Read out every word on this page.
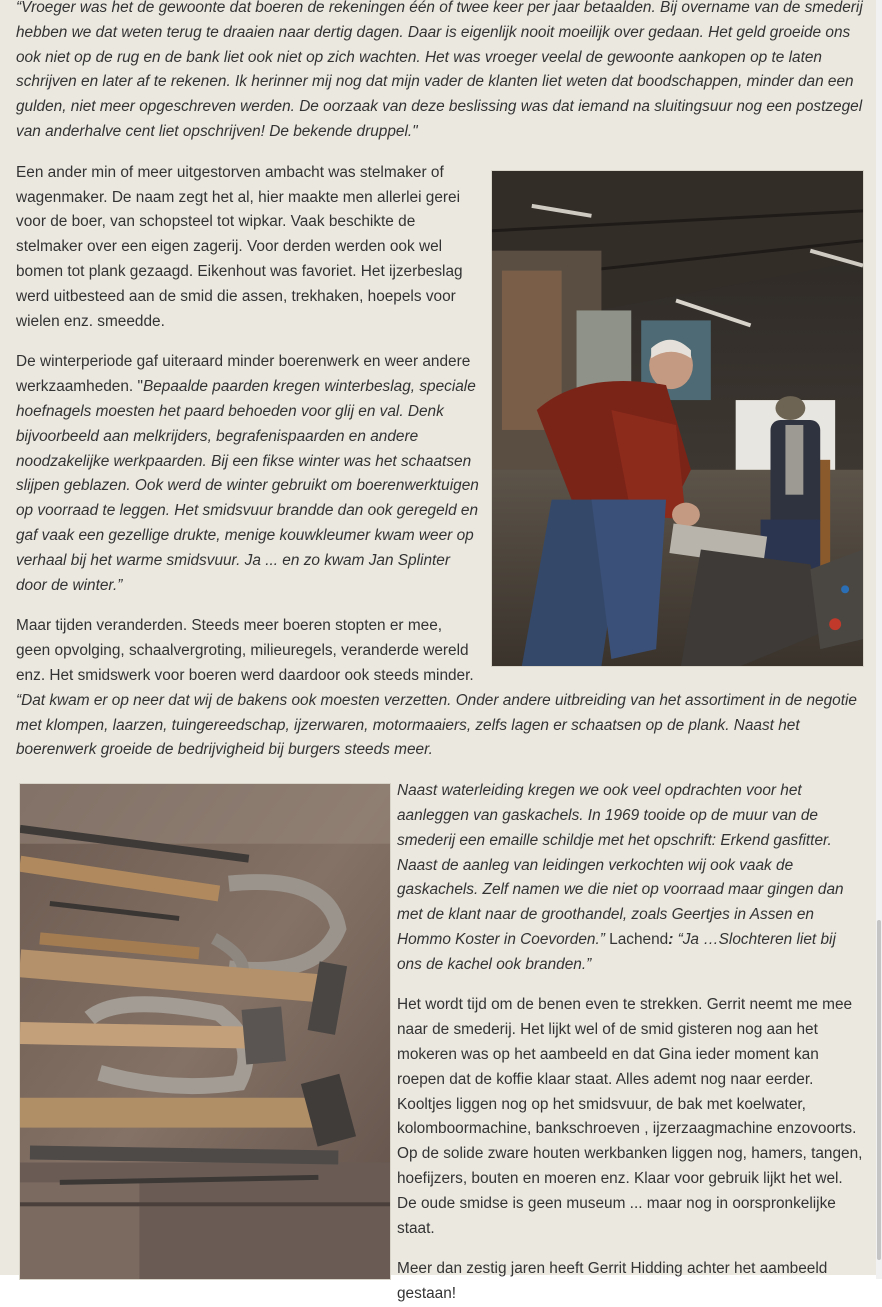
“Vroeger was het de gewoonte dat boeren de rekeningen één of twee keer per jaar betaalden. Bij overname van de smederij hebben we dat weten terug te draaien naar dertig dagen. Daar is eigenlijk nooit moeilijk over gedaan. Het geld groeide ons ook niet op de rug en de bank liet ook niet op zich wachten. Het was vroeger veelal de gewoonte aankopen op te laten schrijven en later af te rekenen. Ik herinner mij nog dat mijn vader de klanten liet weten dat boodschappen, minder dan een gulden, niet meer opgeschreven werden. De oorzaak van deze beslissing was dat iemand na sluitingsuur nog een postzegel van anderhalve cent liet opschrijven! De bekende druppel."

Een ander min of meer uitgestorven ambacht was stelmaker of wagenmaker. De naam zegt het al, hier maakte men allerlei gerei voor de boer, van schopsteel tot wipkar. Vaak beschikte de stelmaker over een eigen zagerij. Voor derden werden ook wel bomen tot plank gezaagd. Eikenhout was favoriet. Het ijzerbeslag werd uitbesteed aan de smid die assen, trekhaken, hoepels voor wielen enz. smeedde.

De winterperiode gaf uiteraard minder boerenwerk en weer andere werkzaamheden. "Bepaalde paarden kregen winterbeslag, speciale hoefnagels moesten het paard behoeden voor glij en val. Denk bijvoorbeeld aan melkrijders, begrafenispaarden en andere noodzakelijke werkpaarden. Bij een fikse winter was het schaatsen slijpen geblazen. Ook werd de winter gebruikt om boerenwerktuigen op voorraad te leggen. Het smidsvuur brandde dan ook geregeld en gaf vaak een gezellige drukte, menige kouwkleumer kwam weer op verhaal bij het warme smidsvuur. Ja ... en zo kwam Jan Splinter door de winter.”

Maar tijden veranderden. Steeds meer boeren stopten er mee, geen opvolging, schaalvergroting, milieuregels, veranderde wereld enz. Het smidswerk voor boeren werd daardoor ook steeds minder. “Dat kwam er op neer dat wij de bakens ook moesten verzetten. Onder andere uitbreiding van het assortiment in de negotie met klompen, laarzen, tuingereedschap, ijzerwaren, motormaaiers, zelfs lagen er schaatsen op de plank. Naast het boerenwerk groeide de bedrijvigheid bij burgers steeds meer.

Naast waterleiding kregen we ook veel opdrachten voor het aanleggen van gaskachels. In 1969 tooide op de muur van de smederij een emaille schildje met het opschrift: Erkend gasfitter. Naast de aanleg van leidingen verkochten wij ook vaak de gaskachels. Zelf namen we die niet op voorraad maar gingen dan met de klant naar de groothandel, zoals Geertjes in Assen en Hommo Koster in Coevorden.” Lachend: “Ja …Slochteren liet bij ons de kachel ook branden.”

Het wordt tijd om de benen even te strekken. Gerrit neemt me mee naar de smederij. Het lijkt wel of de smid gisteren nog aan het mokeren was op het aambeeld en dat Gina ieder moment kan roepen dat de koffie klaar staat. Alles ademt nog naar eerder. Kooltjes liggen nog op het smidsvuur, de bak met koelwater, kolomboormachine, bankschroeven , ijzerzaagmachine enzovoorts. Op de solide zware houten werkbanken liggen nog, hamers, tangen, hoefijzers, bouten en moeren enz. Klaar voor gebruik lijkt het wel. De oude smidse is geen museum ... maar nog in oorspronkelijke staat.

Meer dan zestig jaren heeft Gerrit Hidding achter het aambeeld gestaan!
